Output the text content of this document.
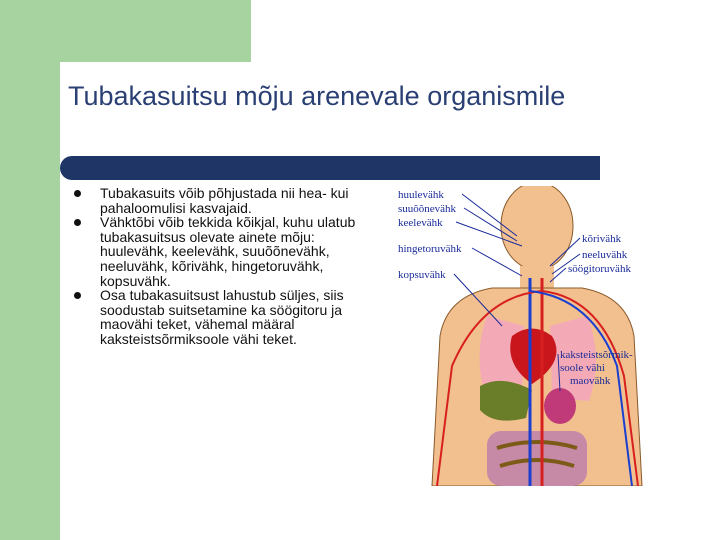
Tubakasuitsu mõju arenevale organismile
Tubakasuits võib põhjustada nii hea- kui pahaloomulisi kasvajaid.
Vähktõbi võib tekkida kõikjal, kuhu ulatub tubakasuitsus olevate ainete mõju: huulevähk, keelevähk, suuõõnevähk, neeluvähk, kõrivähk, hingetoruvähk, kopsuvähk.
Osa tubakasuitsust lahustub süljes, siis soodustab suitsetamine ka söögitoru ja maovähi teket, vähemal määral kaksteistsõrmiksoole vähi teket.
huulevähk
suuõõnevähk
keelevähk
hingetoruvähk
kopsuvähk
kõrivähk
neeluvähk
söögitoruvähk
kaksteistsõrmik-
soole vähi
maovähk
